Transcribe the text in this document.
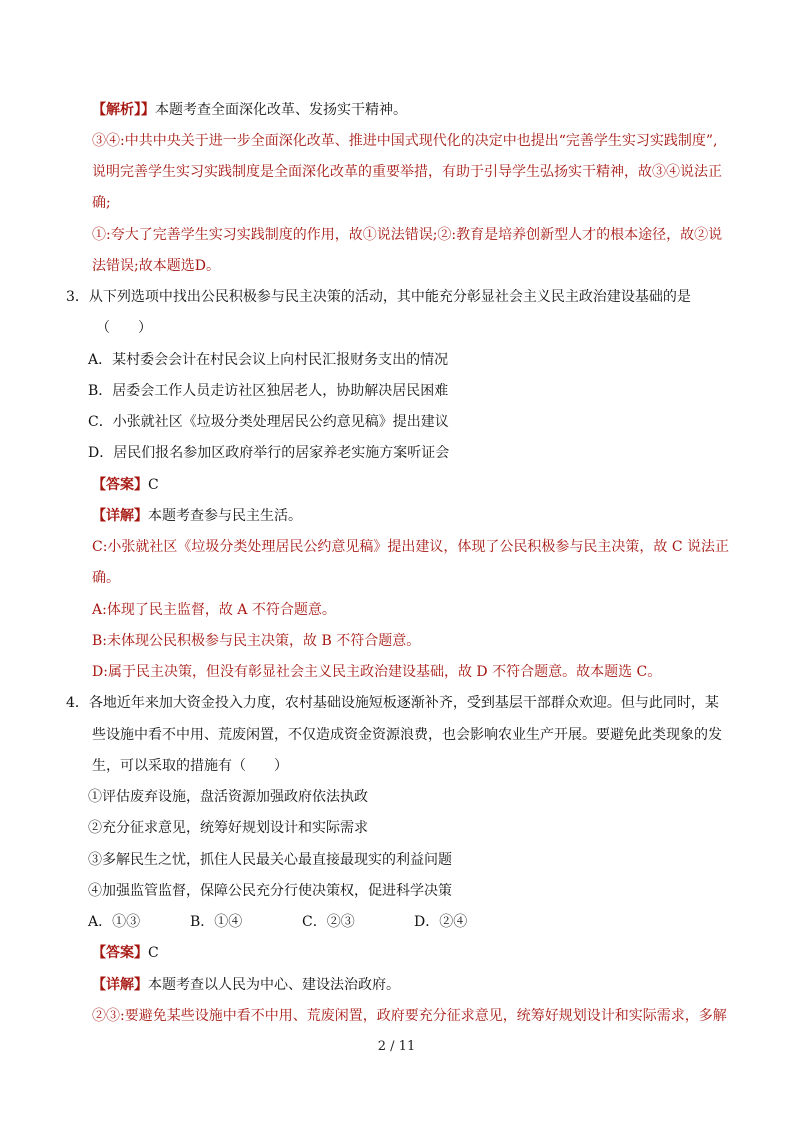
【解析】】本题考查全面深化改革、发扬实干精神。
③④:中共中央关于进一步全面深化改革、推进中国式现代化的决定中也提出“完善学生实习实践制度”,
说明完善学生实习实践制度是全面深化改革的重要举措，有助于引导学生弘扬实干精神，故③④说法正
确;
①:夸大了完善学生实习实践制度的作用，故①说法错误;②:教育是培养创新型人才的根本途径，故②说
法错误;故本题选D。
3．从下列选项中找出公民积极参与民主决策的活动，其中能充分彰显社会主义民主政治建设基础的是
（　　）
A．某村委会会计在村民会议上向村民汇报财务支出的情况
B．居委会工作人员走访社区独居老人，协助解决居民困难
C．小张就社区《垃圾分类处理居民公约意见稿》提出建议
D．居民们报名参加区政府举行的居家养老实施方案听证会
【答案】C
【详解】本题考查参与民主生活。
C:小张就社区《垃圾分类处理居民公约意见稿》提出建议，体现了公民积极参与民主决策，故 C 说法正
确。
A:体现了民主监督，故 A 不符合题意。
B:未体现公民积极参与民主决策，故 B 不符合题意。
D:属于民主决策，但没有彰显社会主义民主政治建设基础，故 D 不符合题意。故本题选 C。
4．各地近年来加大资金投入力度，农村基础设施短板逐渐补齐，受到基层干部群众欢迎。但与此同时，某
些设施中看不中用、荒废闲置，不仅造成资金资源浪费，也会影响农业生产开展。要避免此类现象的发
生，可以采取的措施有（　　）
①评估废弃设施，盘活资源加强政府依法执政
②充分征求意见，统筹好规划设计和实际需求
③多解民生之忧，抓住人民最关心最直接最现实的利益问题
④加强监管监督，保障公民充分行使决策权，促进科学决策
A．①③	B．①④	C．②③	D．②④
【答案】C
【详解】本题考查以人民为中心、建设法治政府。
②③:要避免某些设施中看不中用、荒废闲置，政府要充分征求意见，统筹好规划设计和实际需求，多解
2 / 11
